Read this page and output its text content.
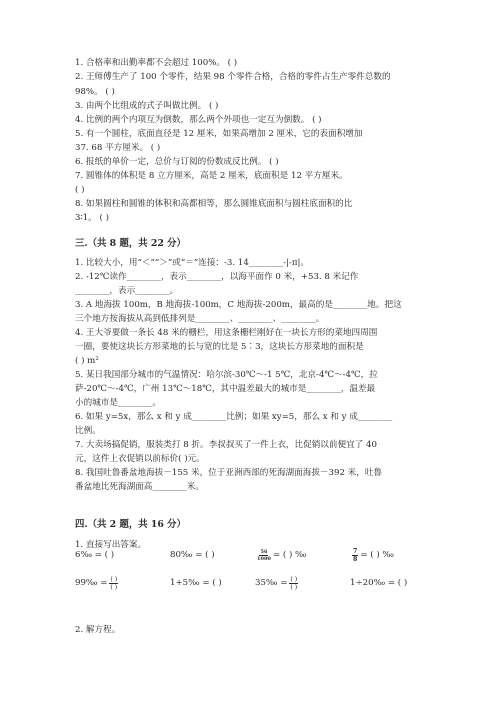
1. 合格率和出勤率都不会超过 100%。 ( )
2. 王师傅生产了 100 个零件，结果 98 个零件合格，合格的零件占生产零件总数的
98%。 ( )
3. 由两个比组成的式子叫做比例。 ( )
4. 比例的两个内项互为倒数，那么两个外项也一定互为倒数。 ( )
5. 有一个圆柱，底面直径是 12 厘米，如果高增加 2 厘米，它的表面积增加
37. 68 平方厘米。 ( )
6. 报纸的单价一定，总价与订阅的份数成反比例。 ( )
7. 圆锥体的体积是 8 立方厘米，高是 2 厘米，底面积是 12 平方厘米。
( )
8. 如果圆柱和圆锥的体积和高都相等，那么圆锥底面积与圆柱底面积的比
3∶1。 ( )
三.（共 8 题，共 22 分）
1. 比较大小，用“＜”“＞”或“＝”连接：-3. 14________-|-π|。
2. -12℃读作________，表示________，以海平面作 0 米，+53. 8 米记作
________，表示________。
3. A 地海拔 100m，B 地海拔-100m，C 地海拔-200m，最高的是________地。把这
三个地方按海拔从高到低排列是________、________、________。
4. 王大爷要做一条长 48 米的栅栏，用这条栅栏刚好在一块长方形的菜地四周围
一圈，要使这块长方形菜地的长与宽的比是 5∶3，这块长方形菜地的面积是
( ) m²
5. 某日我国部分城市的气温情况：哈尔滨-30℃～-1 5℃，北京-4℃～-4℃，拉
萨-20℃～-4℃，广州 13℃～18℃，其中温差最大的城市是________，温差最
小的城市是________。
6. 如果 y=5x，那么 x 和 y 成________比例；如果 xy=5，那么 x 和 y 成________
比例。
7. 大卖场搞促销，服装类打 8 折。李叔叔买了一件上衣，比促销以前便宜了 40
元，这件上衣促销以前标价( )元。
8. 我国吐鲁番盆地海拔－155 米，位于亚洲西部的死海湖面海拔－392 米，吐鲁
番盆地比死海湖面高________米。
四.（共 2 题，共 16 分）
1. 直接写出答案。
6‰ = ( )	80‰ = ( )	$\frac{56}{1000}$ = ( ) ‰	$\frac{7}{8}$ = ( ) ‰
99‰ = $\frac{( )}{( )}$	1+5‰ = ( )	35‰ = $\frac{( )}{( )}$	1÷20‰ = ( )
2. 解方程。
